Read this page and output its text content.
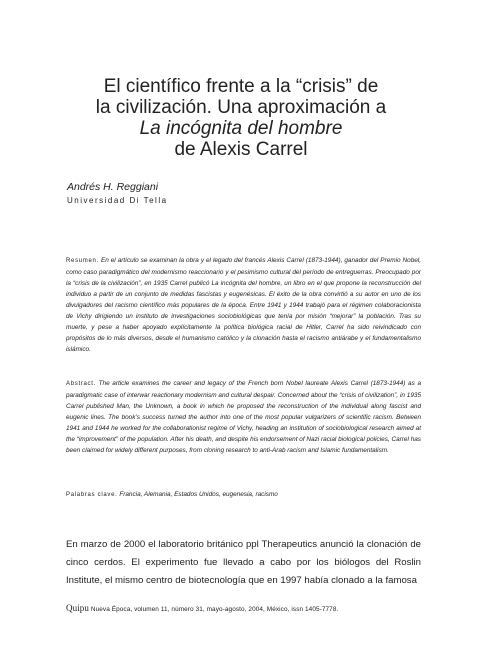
El científico frente a la “crisis” de
la civilización. Una aproximación a
La incógnita del hombre
de Alexis Carrel
Andrés H. Reggiani
Universidad Di Tella
Resumen. En el artículo se examinan la obra y el legado del francés Alexis Carrel (1873-1944), ganador del Premio Nobel, como caso paradigmático del modernismo reaccionario y el pesimismo cultural del período de entreguerras. Preocupado por la “crisis de la civilización”, en 1935 Carrel publicó La incógnita del hombre, un libro en el que propone la reconstrucción del individuo a partir de un conjunto de medidas fascistas y eugenésicas. El éxito de la obra convirtió a su autor en uno de los divulgadores del racismo científico más populares de la época. Entre 1941 y 1944 trabajó para el régimen colaboracionista de Vichy dirigiendo un instituto de investigaciones sociobiológicas que tenía por misión “mejorar” la población. Tras su muerte, y pese a haber apoyado explícitamente la política biológica racial de Hitler, Carrel ha sido reivindicado con propósitos de lo más diversos, desde el humanismo católico y la clonación hasta el racismo antiárabe y el fundamentalismo islámico.
Abstract. The article examines the career and legacy of the French born Nobel laureate Alexis Carrel (1873-1944) as a paradigmatic case of interwar reactionary modernism and cultural despair. Concerned about the “crisis of civilization”, in 1935 Carrel published Man, the Unknown, a book in which he proposed the reconstruction of the individual along fascist and eugenic lines. The book’s success turned the author into one of the most popular vulgarizers of scientific racism. Between 1941 and 1944 he worked for the collaborationist regime of Vichy, heading an institution of sociobiological research aimed at the “improvement” of the population. After his death, and despite his endorsement of Nazi racial biological policies, Carrel has been claimed for widely different purposes, from cloning research to anti-Arab racism and Islamic fundamentalism.
Palabras clave. Francia, Alemania, Estados Unidos, eugenesia, racismo
En marzo de 2000 el laboratorio británico ppl Therapeutics anunció la clonación de cinco cerdos. El experimento fue llevado a cabo por los biólogos del Roslin Institute, el mismo centro de biotecnología que en 1997 había clonado a la famosa
Quipu Nueva Época, volumen 11, número 31, mayo-agosto, 2004, México, issn 1405-7778.
